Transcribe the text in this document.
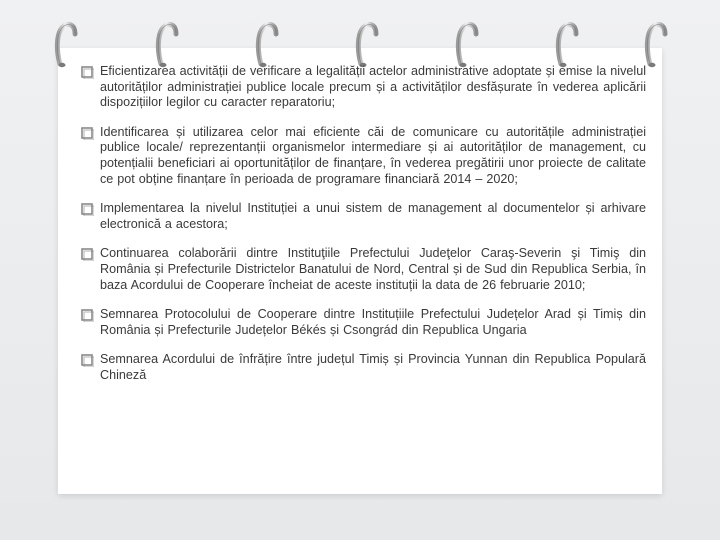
Eficientizarea activității de verificare a legalității actelor administrative adoptate și emise la nivelul autorităților administrației publice locale precum și a activităților desfășurate în vederea aplicării dispozițiilor legilor cu caracter reparatoriu;
Identificarea și utilizarea celor mai eficiente căi de comunicare cu autoritățile administrației publice locale/ reprezentanții organismelor intermediare și ai autorităților de management, cu potențialii beneficiari ai oportunităților de finanțare, în vederea pregătirii unor proiecte de calitate ce pot obține finanțare în perioada de programare financiară 2014 – 2020;
Implementarea la nivelul Instituției a unui sistem de management al documentelor și arhivare electronică a acestora;
Continuarea colaborării dintre Instituţiile Prefectului Judeţelor Caraş-Severin şi Timiş din România și Prefecturile Districtelor Banatului de Nord, Central și de Sud din Republica Serbia, în baza Acordului de Cooperare încheiat de aceste instituții la data de 26 februarie 2010;
Semnarea Protocolului de Cooperare dintre Instituțiile Prefectului Județelor Arad și Timiș din România și Prefecturile Județelor Békés și Csongrád din Republica Ungaria
Semnarea Acordului de înfrățire între județul Timiș și Provincia Yunnan din Republica Populară Chineză
